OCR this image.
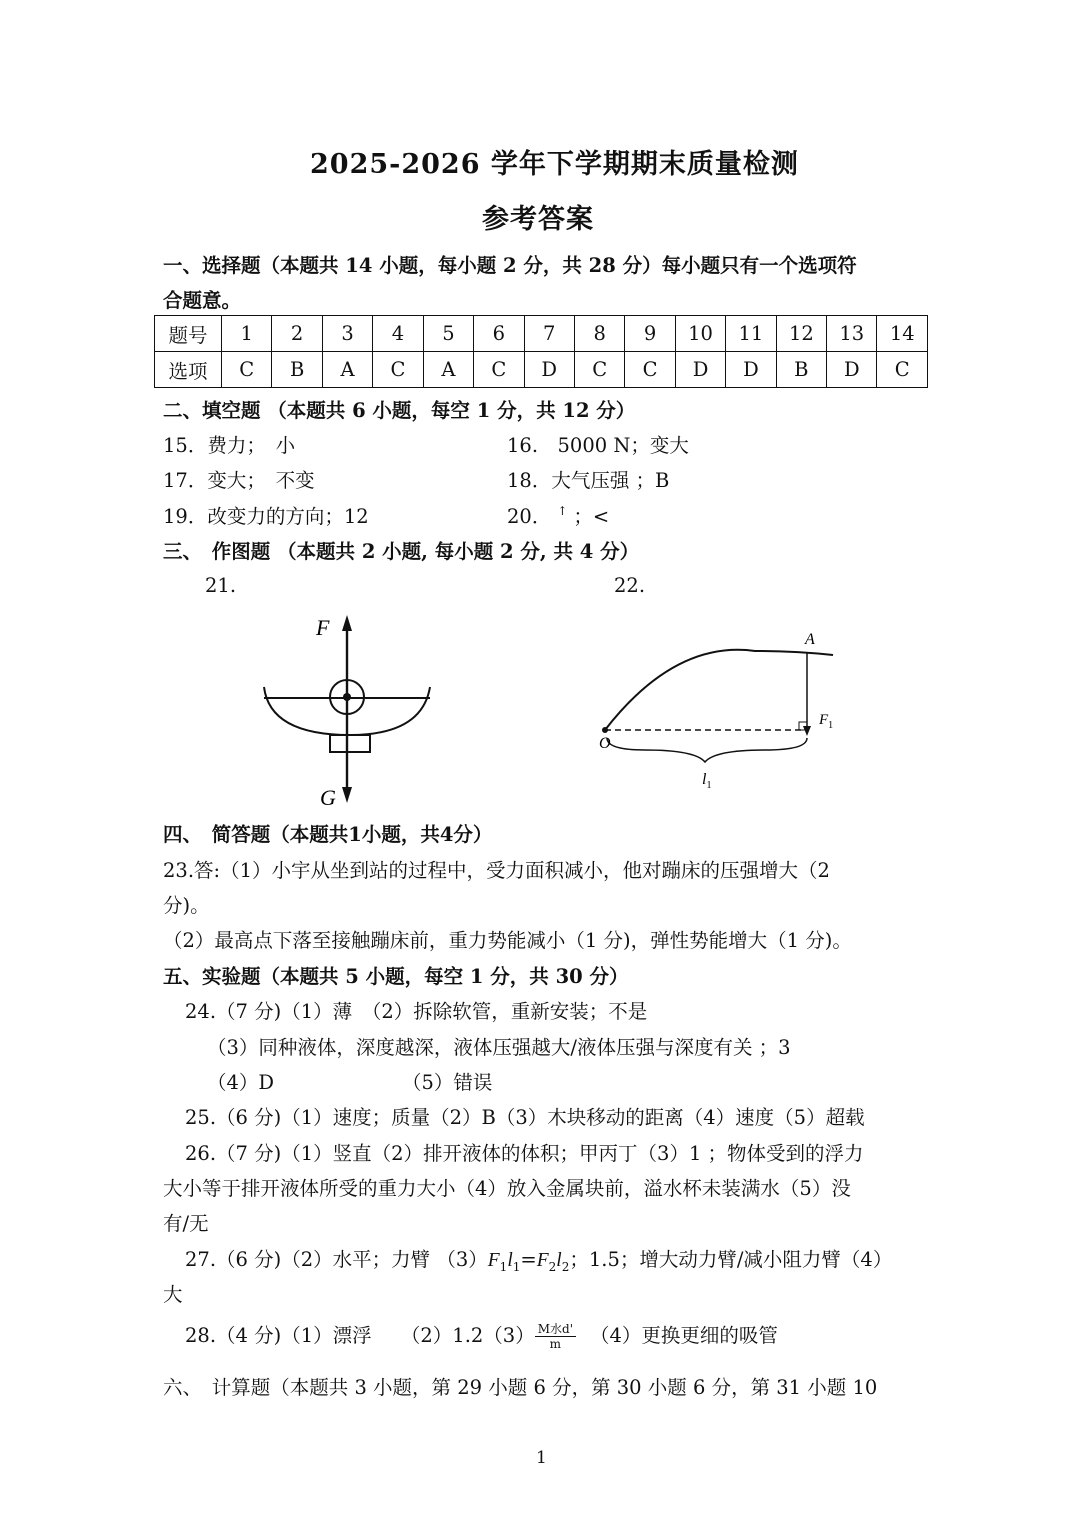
2025-2026 学年下学期期末质量检测
参考答案
一、选择题（本题共 14 小题，每小题 2 分，共 28 分）每小题只有一个选项符
合题意。
题号	1	2	3	4	5	6	7	8	9	10	11	12	13	14
选项	C	B	A	C	A	C	D	C	C	D	D	B	D	C
二、填空题 （本题共 6 小题，每空 1 分，共 12 分）
15．费力；　小	16.　5000 N；变大
17．变大；　不变	18．大气压强 ；B
19．改变力的方向；12	20． ↑ ；<
三、　作图题 （本题共 2 小题, 每小题 2 分, 共 4 分）
21.	22.
F
G
A
O
$F_1$
$l_1$
四、　简答题（本题共1小题，共4分）
23.答:（1）小宇从坐到站的过程中，受力面积减小，他对蹦床的压强增大（2
分)。
（2）最高点下落至接触蹦床前，重力势能减小（1 分)，弹性势能增大（1 分)。
五、实验题（本题共 5 小题，每空 1 分，共 30 分）
24.（7 分)（1）薄　（2）拆除软管，重新安装；不是
（3）同种液体，深度越深，液体压强越大/液体压强与深度有关 ；3
（4）D	（5）错误
25.（6 分)（1）速度；质量（2）B（3）木块移动的距离（4）速度（5）超载
26.（7 分)（1）竖直（2）排开液体的体积；甲丙丁（3）1 ；物体受到的浮力
大小等于排开液体所受的重力大小（4）放入金属块前，溢水杯未装满水（5）没
有/无
27.（6 分)（2）水平；力臂 $(3)F_1l_1=F_2l_2$；1.5；增大动力臂/减小阻力臂（4）
大
28.（4 分)（1）漂浮　　$(2)1.2(3) \frac{\text{M水d'}}{m} (4)$更换更细的吸管
六、　计算题（本题共 3 小题，第 29 小题 6 分，第 30 小题 6 分，第 31 小题 10
1
